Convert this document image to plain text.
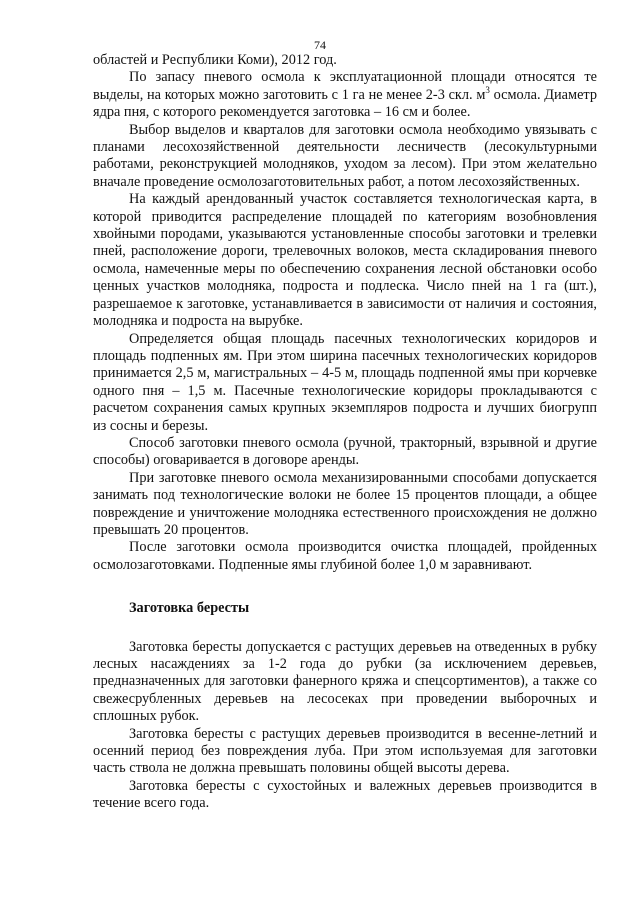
74

областей и Республики Коми), 2012 год.

По запасу пневого осмола к эксплуатационной площади относятся те выделы, на которых можно заготовить с 1 га не менее 2-3 скл. $м^3$ осмола. Диаметр ядра пня, с которого рекомендуется заготовка – 16 см и более.

Выбор выделов и кварталов для заготовки осмола необходимо увязывать с планами лесохозяйственной деятельности лесничеств (лесокультурными работами, реконструкцией молодняков, уходом за лесом). При этом желательно вначале проведение осмолозаготовительных работ, а потом лесохозяйственных.

На каждый арендованный участок составляется технологическая карта, в которой приводится распределение площадей по категориям возобновления хвойными породами, указываются установленные способы заготовки и трелевки пней, расположение дороги, трелевочных волоков, места складирования пневого осмола, намеченные меры по обеспечению сохранения лесной обстановки особо ценных участков молодняка, подроста и подлеска. Число пней на 1 га (шт.), разрешаемое к заготовке, устанавливается в зависимости от наличия и состояния, молодняка и подроста на вырубке.

Определяется общая площадь пасечных технологических коридоров и площадь подпенных ям. При этом ширина пасечных технологических коридоров принимается 2,5 м, магистральных – 4-5 м, площадь подпенной ямы при корчевке одного пня – 1,5 м. Пасечные технологические коридоры прокладываются с расчетом сохранения самых крупных экземпляров подроста и лучших биогрупп из сосны и березы.

Способ заготовки пневого осмола (ручной, тракторный, взрывной и другие способы) оговаривается в договоре аренды.

При заготовке пневого осмола механизированными способами допускается занимать под технологические волоки не более 15 процентов площади, а общее повреждение и уничтожение молодняка естественного происхождения не должно превышать 20 процентов.

После заготовки осмола производится очистка площадей, пройденных осмолозаготовками. Подпенные ямы глубиной более 1,0 м заравнивают.

Заготовка бересты

Заготовка бересты допускается с растущих деревьев на отведенных в рубку лесных насаждениях за 1-2 года до рубки (за исключением деревьев, предназначенных для заготовки фанерного кряжа и спецсортиментов), а также со свежесрубленных деревьев на лесосеках при проведении выборочных и сплошных рубок.

Заготовка бересты с растущих деревьев производится в весенне-летний и осенний период без повреждения луба. При этом используемая для заготовки часть ствола не должна превышать половины общей высоты дерева.

Заготовка бересты с сухостойных и валежных деревьев производится в течение всего года.
